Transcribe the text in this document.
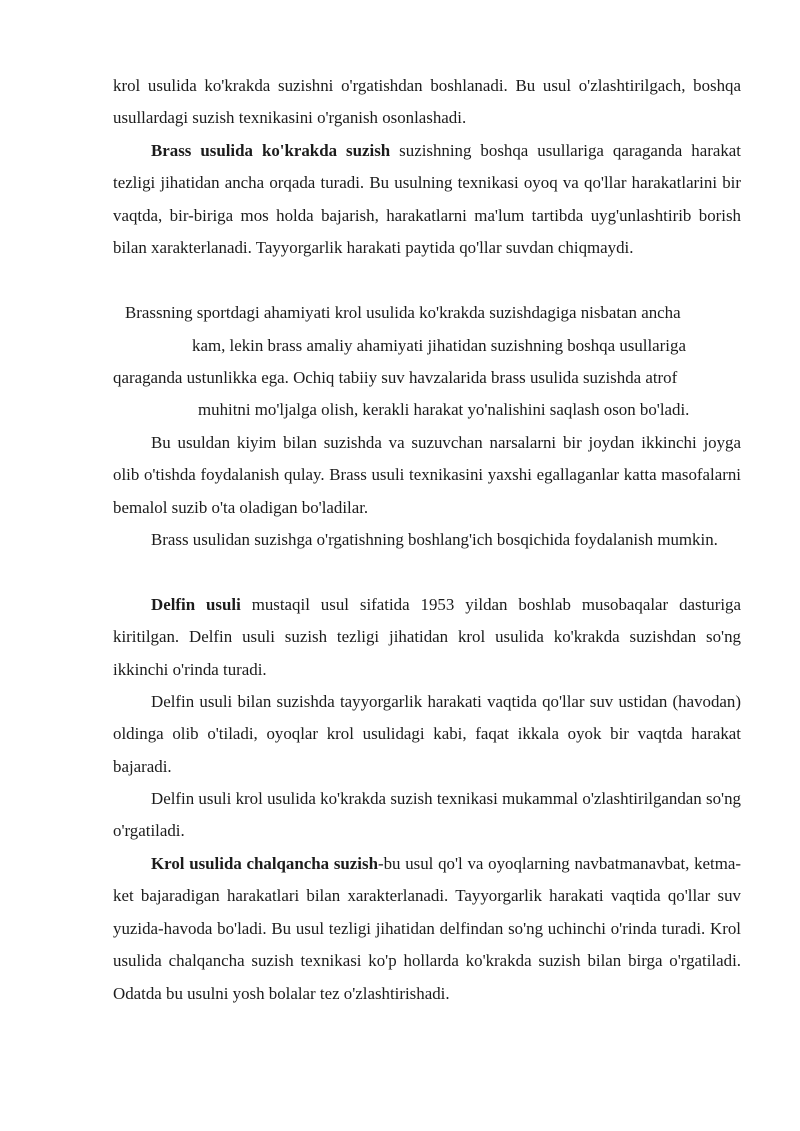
krol usulida ko'krakda suzishni o'rgatishdan boshlanadi. Bu usul o'zlashtirilgach, boshqa usullardagi suzish texnikasini o'rganish osonlashadi.

Brass usulida ko'krakda suzish suzishning boshqa usullariga qaraganda harakat tezligi jihatidan ancha orqada turadi. Bu usulning texnikasi oyoq va qo'llar harakatlarini bir vaqtda, bir-biriga mos holda bajarish, harakatlarni ma'lum tartibda uyg'unlashtirib borish bilan xarakterlanadi. Tayyorgarlik harakati paytida qo'llar suvdan chiqmaydi.

Brassning sportdagi ahamiyati krol usulida ko'krakda suzishdagiga nisbatan ancha

kam, lekin brass amaliy ahamiyati jihatidan suzishning boshqa usullariga

qaraganda ustunlikka ega. Ochiq tabiiy suv havzalarida brass usulida suzishda atrof

muhitni mo'ljalga olish, kerakli harakat yo'nalishini saqlash oson bo'ladi.

Bu usuldan kiyim bilan suzishda va suzuvchan narsalarni bir joydan ikkinchi joyga olib o'tishda foydalanish qulay. Brass usuli texnikasini yaxshi egallaganlar katta masofalarni bemalol suzib o'ta oladigan bo'ladilar.

Brass usulidan suzishga o'rgatishning boshlang'ich bosqichida foydalanish mumkin.

Delfin usuli mustaqil usul sifatida 1953 yildan boshlab musobaqalar dasturiga kiritilgan. Delfin usuli suzish tezligi jihatidan krol usulida ko'krakda suzishdan so'ng ikkinchi o'rinda turadi.

Delfin usuli bilan suzishda tayyorgarlik harakati vaqtida qo'llar suv ustidan (havodan) oldinga olib o'tiladi, oyoqlar krol usulidagi kabi, faqat ikkala oyok bir vaqtda harakat bajaradi.

Delfin usuli krol usulida ko'krakda suzish texnikasi mukammal o'zlashtirilgandan so'ng o'rgatiladi.

Krol usulida chalqancha suzish-bu usul qo'l va oyoqlarning navbatmanavbat, ketma-ket bajaradigan harakatlari bilan xarakterlanadi. Tayyorgarlik harakati vaqtida qo'llar suv yuzida-havoda bo'ladi. Bu usul tezligi jihatidan delfindan so'ng uchinchi o'rinda turadi. Krol usulida chalqancha suzish texnikasi ko'p hollarda ko'krakda suzish bilan birga o'rgatiladi. Odatda bu usulni yosh bolalar tez o'zlashtirishadi.
